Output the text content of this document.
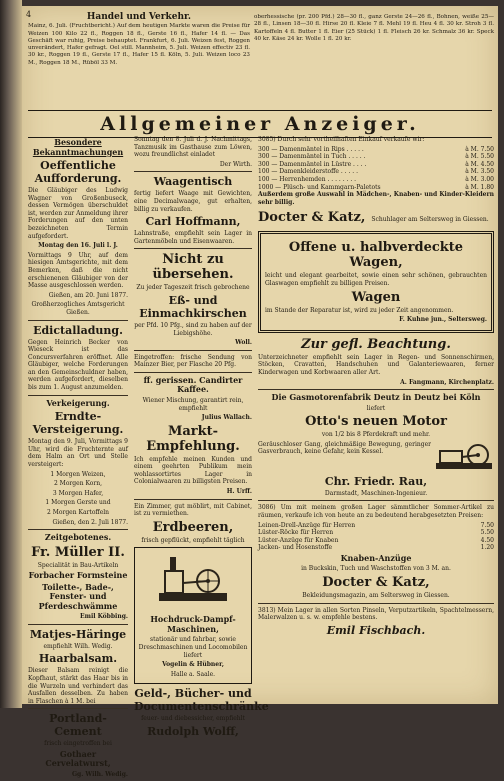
4	Handel und Verkehr.

Mainz, 6. Juli. (Fruchtbericht.) Auf dem heutigen Markte waren die Preise für Weizen 100 Kilo 22 fl., Roggen 18 fl., Gerste 16 fl., Hafer 14 fl. — Das Geschäft war ruhig, Preise behauptet. Frankfurt, 6. Juli. Weizen fest, Roggen unverändert, Hafer gefragt. Oel still. Mannheim, 5. Juli. Weizen effectiv 23 fl. 30 kr., Roggen 19 fl., Gerste 17 fl., Hafer 15 fl. Köln, 5. Juli. Weizen loco 23 M., Roggen 18 M., Rüböl 33 M.

oberhessische (pr. 200 Pfd.) 28—30 fl., ganz Gerste 24—26 fl., Bohnen, weiße 25—28 fl., Linsen 18—30 fl. Hirse 20 fl. Kleie 7 fl. Mehl 19 fl. Heu 4 fl. 30 kr. Stroh 3 fl. Kartoffeln 4 fl. Butter 1 fl. Eier (25 Stück) 1 fl. Fleisch 26 kr. Schmalz 36 kr. Speck 40 kr. Käse 24 kr. Wolle 1 fl. 20 kr.

Allgemeiner Anzeiger.
Besondere Bekanntmachungen
Oeffentliche Aufforderung.

Die Gläubiger des Ludwig Wagner von Großenbuseck, dessen Vermögen überschuldet ist, werden zur Anmeldung ihrer Forderungen auf den unten bezeichneten Termin aufgefordert.

Montag den 16. Juli l. J.

Vormittags 9 Uhr, auf dem hiesigen Amtsgerichte, mit dem Bemerken, daß die nicht erschienenen Gläubiger von der Masse ausgeschlossen werden.

Gießen, am 20. Juni 1877.

Großherzogliches Amtsgericht Gießen.

Edictalladung.

Gegen Heinrich Becker von Wieseck ist das Concursverfahren eröffnet. Alle Gläubiger, welche Forderungen an den Gemeinschuldner haben, werden aufgefordert, dieselben bis zum 1. August anzumelden.

Verkeigerung.
Erndte-Versteigerung.

Montag den 9. Juli, Vormittags 9 Uhr, wird die Fruchternte auf dem Halm an Ort und Stelle versteigert:

1 Morgen Weizen,

2 Morgen Korn,

3 Morgen Hafer,

1 Morgen Gerste und

2 Morgen Kartoffeln

Gießen, den 2. Juli 1877.

Zeitgebotenes.
Fr. Müller II.

Specialität in Bau-Artikeln

Forbacher Formsteine
Toilette-, Bade-, Fenster- und Pferdeschwämme

Emil Köbbing.

Matjes-Häringe

empfiehlt Wilh. Wedig.

Haarbalsam.

Dieser Balsam reinigt die Kopfhaut, stärkt das Haar bis in die Wurzeln und verhindert das Ausfallen desselben. Zu haben in Flaschen à 1 M. bei

Portland-Cement

frisch eingetroffen bei

Gothaer Cervelatwurst,

Gg. Wilh. Wedig.

Sonntag den 8. Juli d. J. Nachmittags, Tanzmusik im Gasthause zum Löwen, wozu freundlichst einladet

Der Wirth.

Waagentisch

fertig liefert Waage mit Gewichten, eine Decimalwaage, gut erhalten, billig zu verkaufen.

Carl Hoffmann,

Lahnstraße, empfiehlt sein Lager in Gartenmöbeln und Eisenwaaren.

Nicht zu übersehen.

Zu jeder Tageszeit frisch gebrochene

Eß- und Einmachkirschen

per Pfd. 10 Pfg., sind zu haben auf der Liebigshöhe.

Woll.

Eingetroffen: frische Sendung von Mainzer Bier, per Flasche 20 Pfg.

ff. gerissen. Candirter Kaffee.

Wiener Mischung, garantirt rein, empfiehlt

Julius Wallach.

Markt-Empfehlung.

Ich empfehle meinen Kunden und einem geehrten Publikum mein wohlassortirtes Lager in Colonialwaaren zu billigsten Preisen.

H. Urff.

Ein Zimmer, gut möblirt, mit Cabinet, ist zu vermiethen.

Erdbeeren,

frisch gepflückt, empfiehlt täglich

Hochdruck-Dampf-Maschinen,

stationär und fahrbar, sowie Dreschmaschinen und Locomobilen liefert

Vogelin & Hübner,

Halle a. Saale.

Geld-, Bücher- und Documentenschränke

feuer- und diebessicher, empfiehlt

Rudolph Wolff,

3085) Durch sehr vortheilhaften Einkauf verkaufe wir:

300 — Damenmäntel in Rips . . . . .	à M. 7.50
300 — Damenmäntel in Tuch . . . . .	à M. 5.50
300 — Damenmäntel in Lüstre . . . .	à M. 4.50
100 — Damenkleiderstoffe . . . . .	à M. 3.50
100 — Herrenhemden . . . . . . . .	à M. 3.00
1000 — Plüsch- und Kammgarn-Paletots	à M. 1.80

Außerdem große Auswahl in Mädchen-, Knaben- und Kinder-Kleidern sehr billig.

Docter & Katz, Schuhlager am Seltersweg in Giessen.
Offene u. halbverdeckte Wagen,

leicht und elegant gearbeitet, sowie einen sehr schönen, gebrauchten Glaswagen empfiehlt zu billigen Preisen.

Wagen

im Stande der Reparatur ist, wird zu jeder Zeit angenommen.

F. Kuhne jun., Seltersweg.

Zur gefl. Beachtung.

Unterzeichneter empfiehlt sein Lager in Regen- und Sonnenschirmen, Stöcken, Cravatten, Handschuhen und Galanteriewaaren, ferner Kinderwagen und Korbwaaren aller Art.

A. Fangmann, Kirchenplatz.

Die Gasmotorenfabrik Deutz in Deutz bei Köln

liefert

Otto's neuen Motor

von 1/2 bis 8 Pferdekraft und mehr.

Geräuschloser Gang, gleichmäßige Bewegung, geringer Gasverbrauch, keine Gefahr, kein Kessel.

Chr. Friedr. Rau,

Darmstadt, Maschinen-Ingenieur.

3086) Um mit meinem großen Lager sämmtlicher Sommer-Artikel zu räumen, verkaufe ich von heute an zu bedeutend herabgesetzten Preisen:

Leinen-Drell-Anzüge für Herren	7.50
Lüster-Röcke für Herren	5.50
Lüster-Anzüge für Knaben	4.50
Jacken- und Hosenstoffe	1.20
Knaben-Anzüge

in Buckskin, Tuch und Waschstoffen von 3 M. an.

Docter & Katz,

Bekleidungsmagazin, am Seltersweg in Giessen.

3813) Mein Lager in allen Sorten Pinseln, Verputzartikeln, Spachtelmessern, Malerwalzen u. s. w. empfehle bestens.

Emil Fischbach.
